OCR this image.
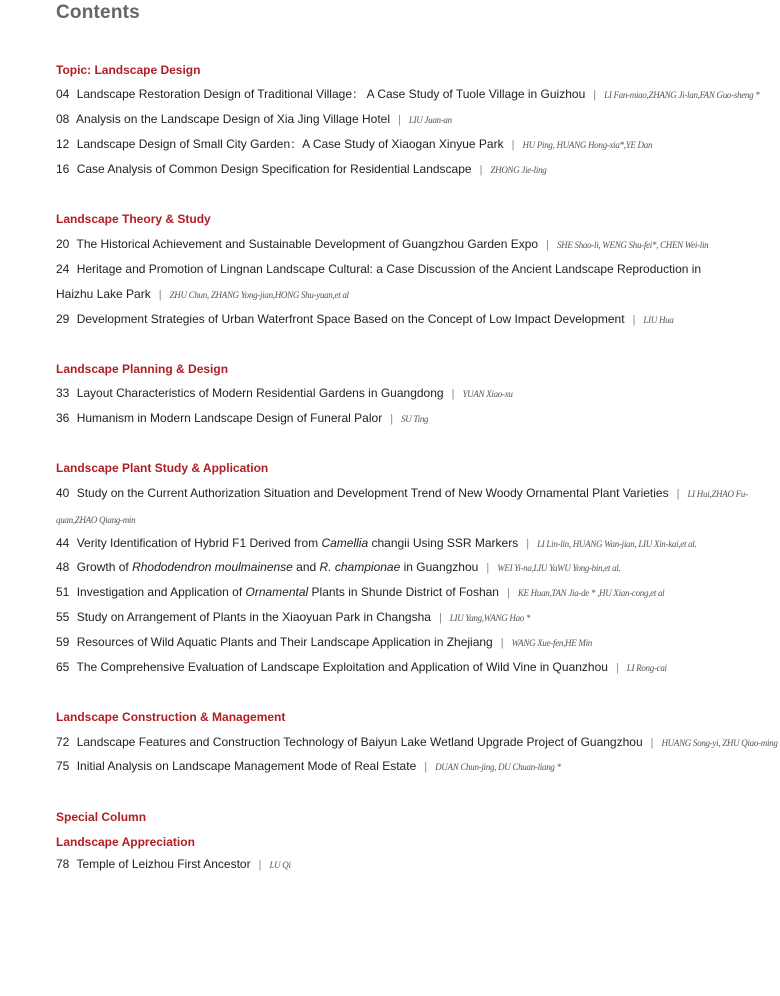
Contents
Topic: Landscape Design
04 Landscape Restoration Design of Traditional Village： A Case Study of Tuole Village in Guizhou | LI Fan-miao,ZHANG Ji-lan,FAN Guo-sheng *
08 Analysis on the Landscape Design of Xia Jing Village Hotel | LIU Juan-an
12 Landscape Design of Small City Garden：A Case Study of Xiaogan Xinyue Park | HU Ping, HUANG Hong-xia*,YE Dan
16 Case Analysis of Common Design Specification for Residential Landscape | ZHONG Jie-ling
Landscape Theory & Study
20 The Historical Achievement and Sustainable Development of Guangzhou Garden Expo | SHE Shao-li, WENG Shu-fei*, CHEN Wei-lin
24 Heritage and Promotion of Lingnan Landscape Cultural: a Case Discussion of the Ancient Landscape Reproduction in Haizhu Lake Park | ZHU Chun, ZHANG Yong-jian,HONG Shu-yuan,et al
29 Development Strategies of Urban Waterfront Space Based on the Concept of Low Impact Development | LIU Hua
Landscape Planning & Design
33 Layout Characteristics of Modern Residential Gardens in Guangdong | YUAN Xiao-xu
36 Humanism in Modern Landscape Design of Funeral Palor | SU Ting
Landscape Plant Study & Application
40 Study on the Current Authorization Situation and Development Trend of New Woody Ornamental Plant Varieties | LI Hui,ZHAO Fu-quan,ZHAO Qiang-min
44 Verity Identification of Hybrid F1 Derived from Camellia changii Using SSR Markers | LI Lin-lin, HUANG Wan-jian, LIU Xin-kai,et al.
48 Growth of Rhododendron moulmainense and R. championae in Guangzhou | WEI Yi-na,LIU YaWU Yong-bin,et al.
51 Investigation and Application of Ornamental Plants in Shunde District of Foshan | KE Huan,TAN Jia-de * ,HU Xian-cong,et al
55 Study on Arrangement of Plants in the Xiaoyuan Park in Changsha | LIU Yang,WANG Hao *
59 Resources of Wild Aquatic Plants and Their Landscape Application in Zhejiang | WANG Xue-fen,HE Min
65 The Comprehensive Evaluation of Landscape Exploitation and Application of Wild Vine in Quanzhou | LI Rong-cai
Landscape Construction & Management
72 Landscape Features and Construction Technology of Baiyun Lake Wetland Upgrade Project of Guangzhou | HUANG Song-yi, ZHU Qiao-ming
75 Initial Analysis on Landscape Management Mode of Real Estate | DUAN Chun-jing, DU Chuan-liang *
Special Column
Landscape Appreciation
78 Temple of Leizhou First Ancestor | LU Qi
